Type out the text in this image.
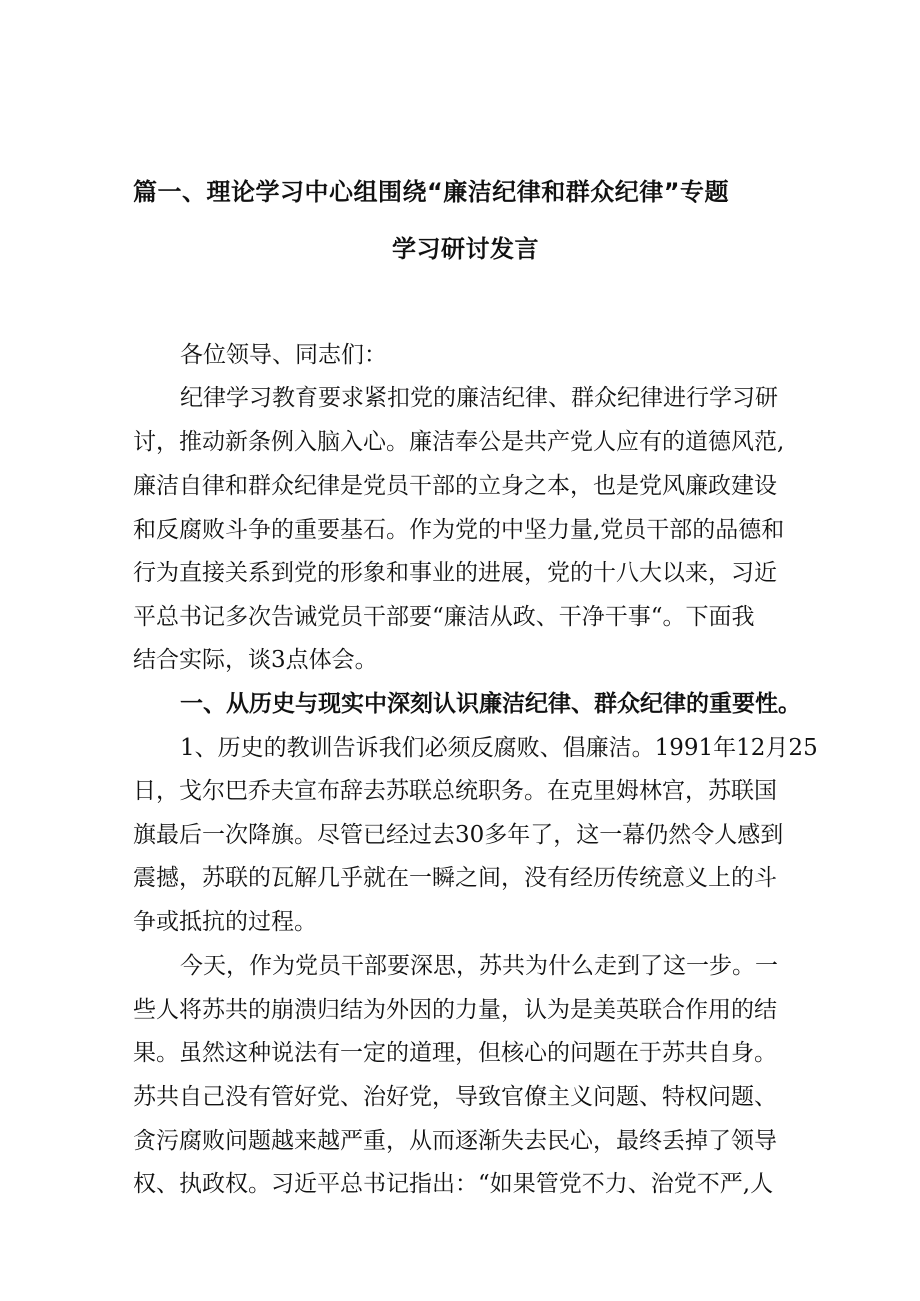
篇一、理论学习中心组围绕“廉洁纪律和群众纪律”专题
学习研讨发言
各位领导、同志们：
纪律学习教育要求紧扣党的廉洁纪律、群众纪律进行学习研
讨，推动新条例入脑入心。廉洁奉公是共产党人应有的道德风范,
廉洁自律和群众纪律是党员干部的立身之本，也是党风廉政建设
和反腐败斗争的重要基石。作为党的中坚力量,党员干部的品德和
行为直接关系到党的形象和事业的进展，党的十八大以来，习近
平总书记多次告诫党员干部要“廉洁从政、干净干事“。下面我
结合实际，谈3点体会。
一、从历史与现实中深刻认识廉洁纪律、群众纪律的重要性。
1、历史的教训告诉我们必须反腐败、倡廉洁。1991年12月25
日，戈尔巴乔夫宣布辞去苏联总统职务。在克里姆林宫，苏联国
旗最后一次降旗。尽管已经过去30多年了，这一幕仍然令人感到
震撼，苏联的瓦解几乎就在一瞬之间，没有经历传统意义上的斗
争或抵抗的过程。
今天，作为党员干部要深思，苏共为什么走到了这一步。一
些人将苏共的崩溃归结为外因的力量，认为是美英联合作用的结
果。虽然这种说法有一定的道理，但核心的问题在于苏共自身。
苏共自己没有管好党、治好党，导致官僚主义问题、特权问题、
贪污腐败问题越来越严重，从而逐渐失去民心，最终丢掉了领导
权、执政权。习近平总书记指出：“如果管党不力、治党不严,人
